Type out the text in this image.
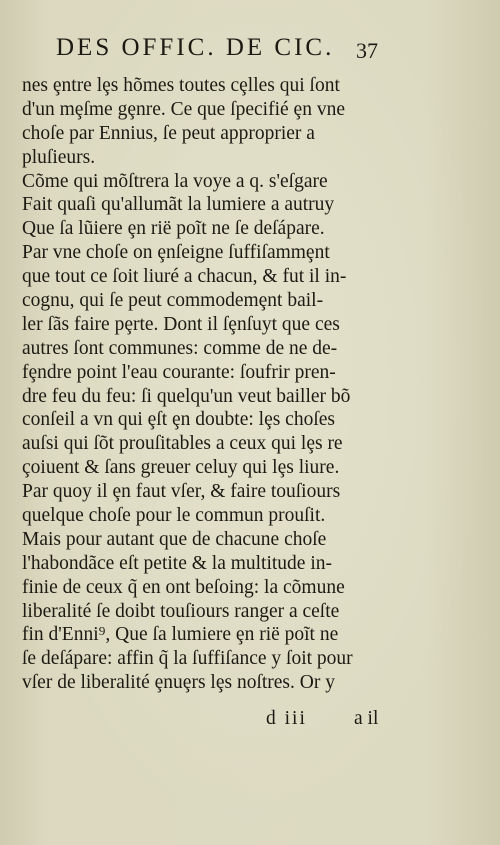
DES OFFIC. DE CIC. 37
nes ȩntre lȩs hõmes toutes cȩlles qui ſont
d'un mȩſme gȩnre. Ce que ſpecifié ȩn vne
choſe par Ennius, ſe peut approprier a
pluſieurs.
Cõme qui mõſtrera la voye a q. s'eſgare
Fait quaſi qu'allumãt la lumiere a autruy
Que ſa lũiere ȩn rië poĩt ne ſe deſápare.
Par vne choſe on ȩnſeigne ſuffiſammȩnt
que tout ce ſoit liuré a chacun, & fut il in-
cognu, qui ſe peut commodemȩnt bail-
ler ſãs faire pȩrte. Dont il ſȩnſuyt que ces
autres ſont communes: comme de ne de-
fȩndre point l'eau courante: ſoufrir pren-
dre feu du feu: ſi quelqu'un veut bailler bõ
conſeil a vn qui ȩſt ȩn doubte: lȩs choſes
auſsi qui ſõt prouſitables a ceux qui lȩs re
çoiuent & ſans greuer celuy qui lȩs liure.
Par quoy il ȩn faut vſer, & faire touſiours
quelque choſe pour le commun prouſit.
Mais pour autant que de chacune choſe
l'habondãce eſt petite & la multitude in-
finie de ceux q̃ en ont beſoing: la cõmune
liberalité ſe doibt touſiours ranger a ceſte
fin d'Enni⁹, Que ſa lumiere ȩn rië poĩt ne
ſe deſápare: affin q̃ la ſuffiſance y ſoit pour
vſer de liberalité ȩnuȩrs lȩs noſtres. Or y
d iii a il
